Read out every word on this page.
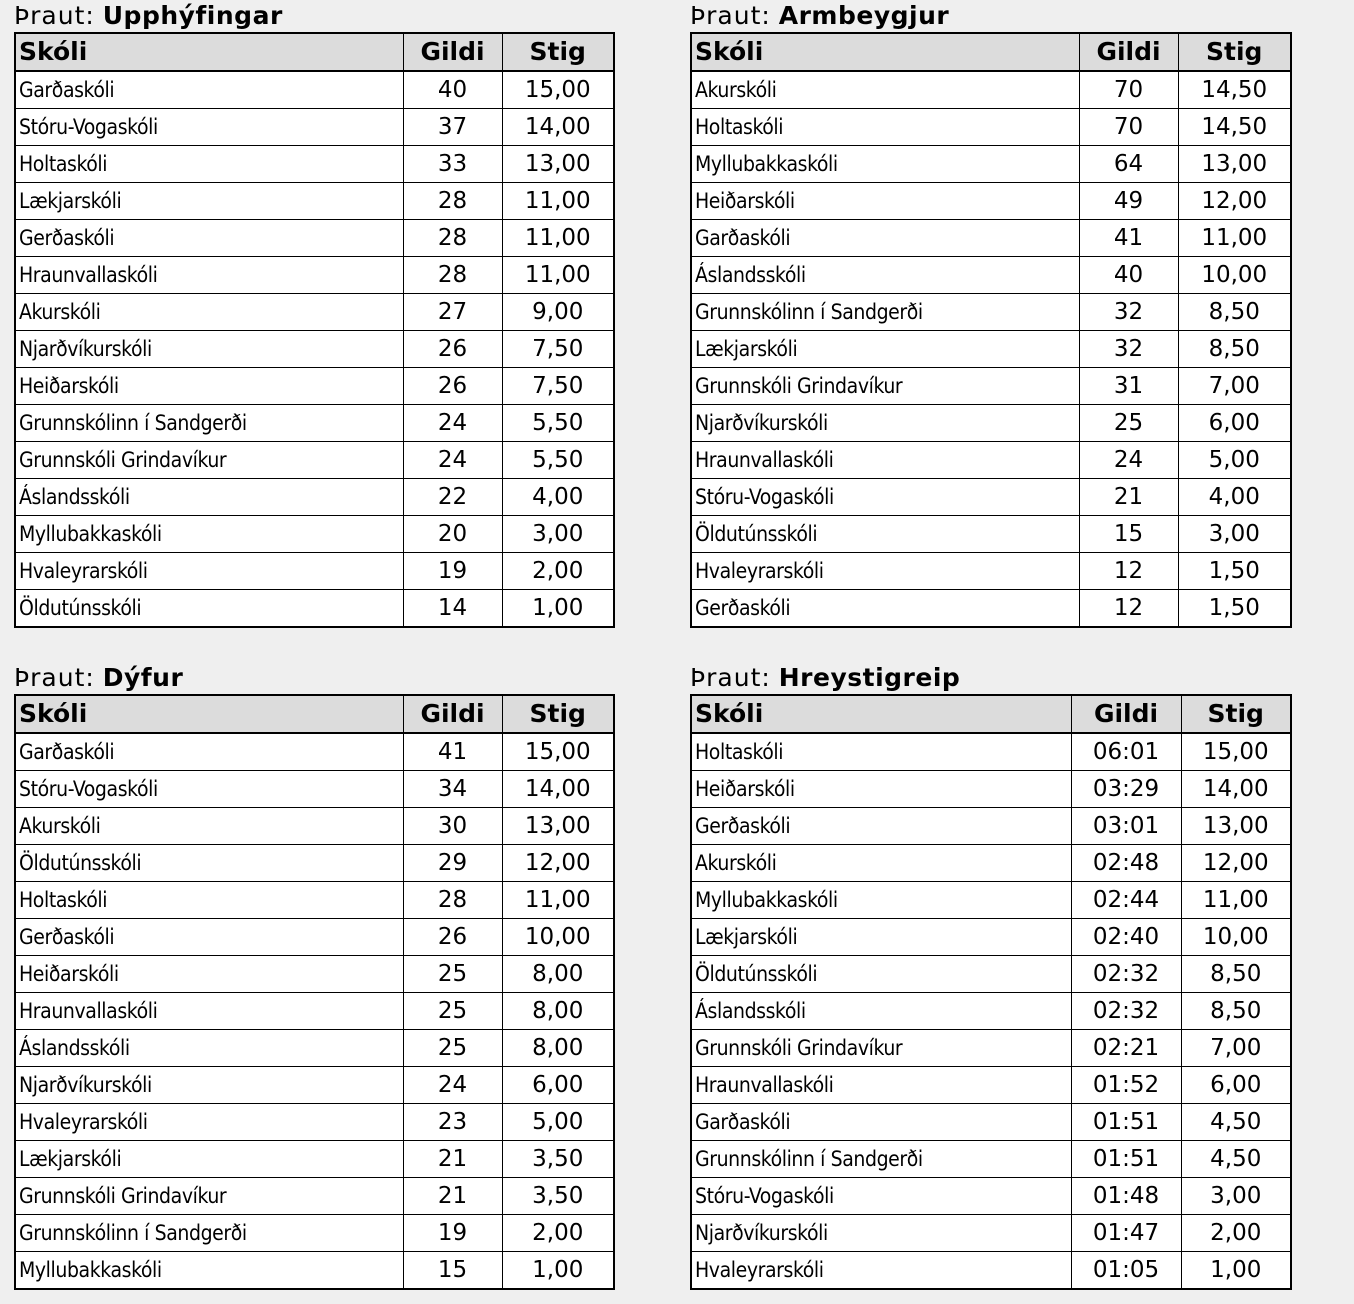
Þraut: Upphýfingar
Skóli	Gildi	Stig
Garðaskóli	40	15,00
Stóru-Vogaskóli	37	14,00
Holtaskóli	33	13,00
Lækjarskóli	28	11,00
Gerðaskóli	28	11,00
Hraunvallaskóli	28	11,00
Akurskóli	27	9,00
Njarðvíkurskóli	26	7,50
Heiðarskóli	26	7,50
Grunnskólinn í Sandgerði	24	5,50
Grunnskóli Grindavíkur	24	5,50
Áslandsskóli	22	4,00
Myllubakkaskóli	20	3,00
Hvaleyrarskóli	19	2,00
Öldutúnsskóli	14	1,00
Þraut: Armbeygjur
Skóli	Gildi	Stig
Akurskóli	70	14,50
Holtaskóli	70	14,50
Myllubakkaskóli	64	13,00
Heiðarskóli	49	12,00
Garðaskóli	41	11,00
Áslandsskóli	40	10,00
Grunnskólinn í Sandgerði	32	8,50
Lækjarskóli	32	8,50
Grunnskóli Grindavíkur	31	7,00
Njarðvíkurskóli	25	6,00
Hraunvallaskóli	24	5,00
Stóru-Vogaskóli	21	4,00
Öldutúnsskóli	15	3,00
Hvaleyrarskóli	12	1,50
Gerðaskóli	12	1,50
Þraut: Dýfur
Skóli	Gildi	Stig
Garðaskóli	41	15,00
Stóru-Vogaskóli	34	14,00
Akurskóli	30	13,00
Öldutúnsskóli	29	12,00
Holtaskóli	28	11,00
Gerðaskóli	26	10,00
Heiðarskóli	25	8,00
Hraunvallaskóli	25	8,00
Áslandsskóli	25	8,00
Njarðvíkurskóli	24	6,00
Hvaleyrarskóli	23	5,00
Lækjarskóli	21	3,50
Grunnskóli Grindavíkur	21	3,50
Grunnskólinn í Sandgerði	19	2,00
Myllubakkaskóli	15	1,00
Þraut: Hreystigreip
Skóli	Gildi	Stig
Holtaskóli	06:01	15,00
Heiðarskóli	03:29	14,00
Gerðaskóli	03:01	13,00
Akurskóli	02:48	12,00
Myllubakkaskóli	02:44	11,00
Lækjarskóli	02:40	10,00
Öldutúnsskóli	02:32	8,50
Áslandsskóli	02:32	8,50
Grunnskóli Grindavíkur	02:21	7,00
Hraunvallaskóli	01:52	6,00
Garðaskóli	01:51	4,50
Grunnskólinn í Sandgerði	01:51	4,50
Stóru-Vogaskóli	01:48	3,00
Njarðvíkurskóli	01:47	2,00
Hvaleyrarskóli	01:05	1,00
